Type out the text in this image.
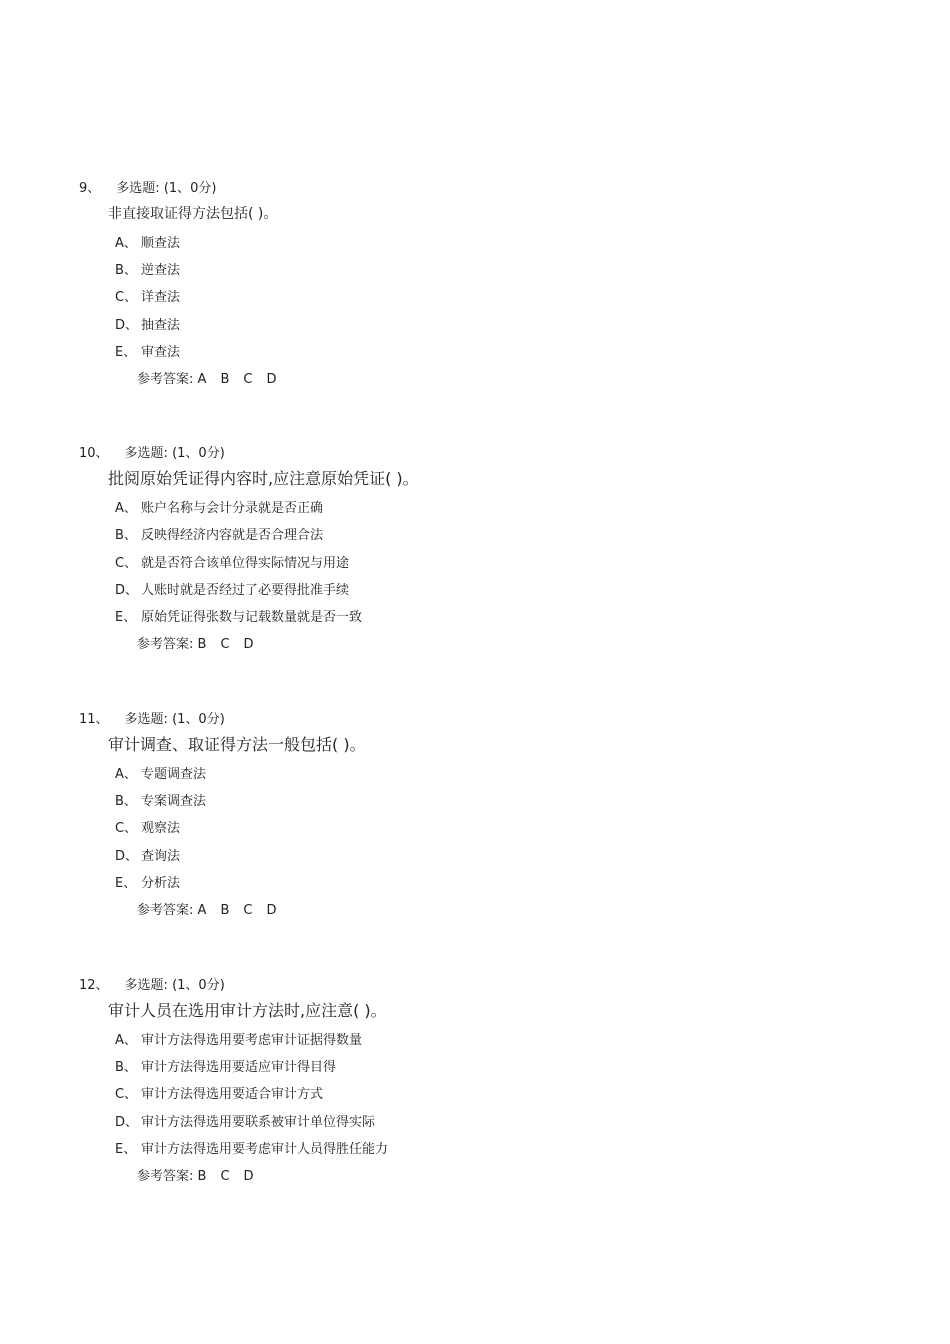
9、 多选题: (1、0分)
非直接取证得方法包括( )。
A、 顺查法
B、 逆查法
C、 详查法
D、 抽查法
E、 审查法
参考答案: A B C D
10、 多选题: (1、0分)
批阅原始凭证得内容时,应注意原始凭证( )。
A、 账户名称与会计分录就是否正确
B、 反映得经济内容就是否合理合法
C、 就是否符合该单位得实际情况与用途
D、 人账时就是否经过了必要得批准手续
E、 原始凭证得张数与记载数量就是否一致
参考答案: B C D
11、 多选题: (1、0分)
审计调查、取证得方法一般包括( )。
A、 专题调查法
B、 专案调查法
C、 观察法
D、 查询法
E、 分析法
参考答案: A B C D
12、 多选题: (1、0分)
审计人员在选用审计方法时,应注意( )。
A、 审计方法得选用要考虑审计证据得数量
B、 审计方法得选用要适应审计得目得
C、 审计方法得选用要适合审计方式
D、 审计方法得选用要联系被审计单位得实际
E、 审计方法得选用要考虑审计人员得胜任能力
参考答案: B C D
